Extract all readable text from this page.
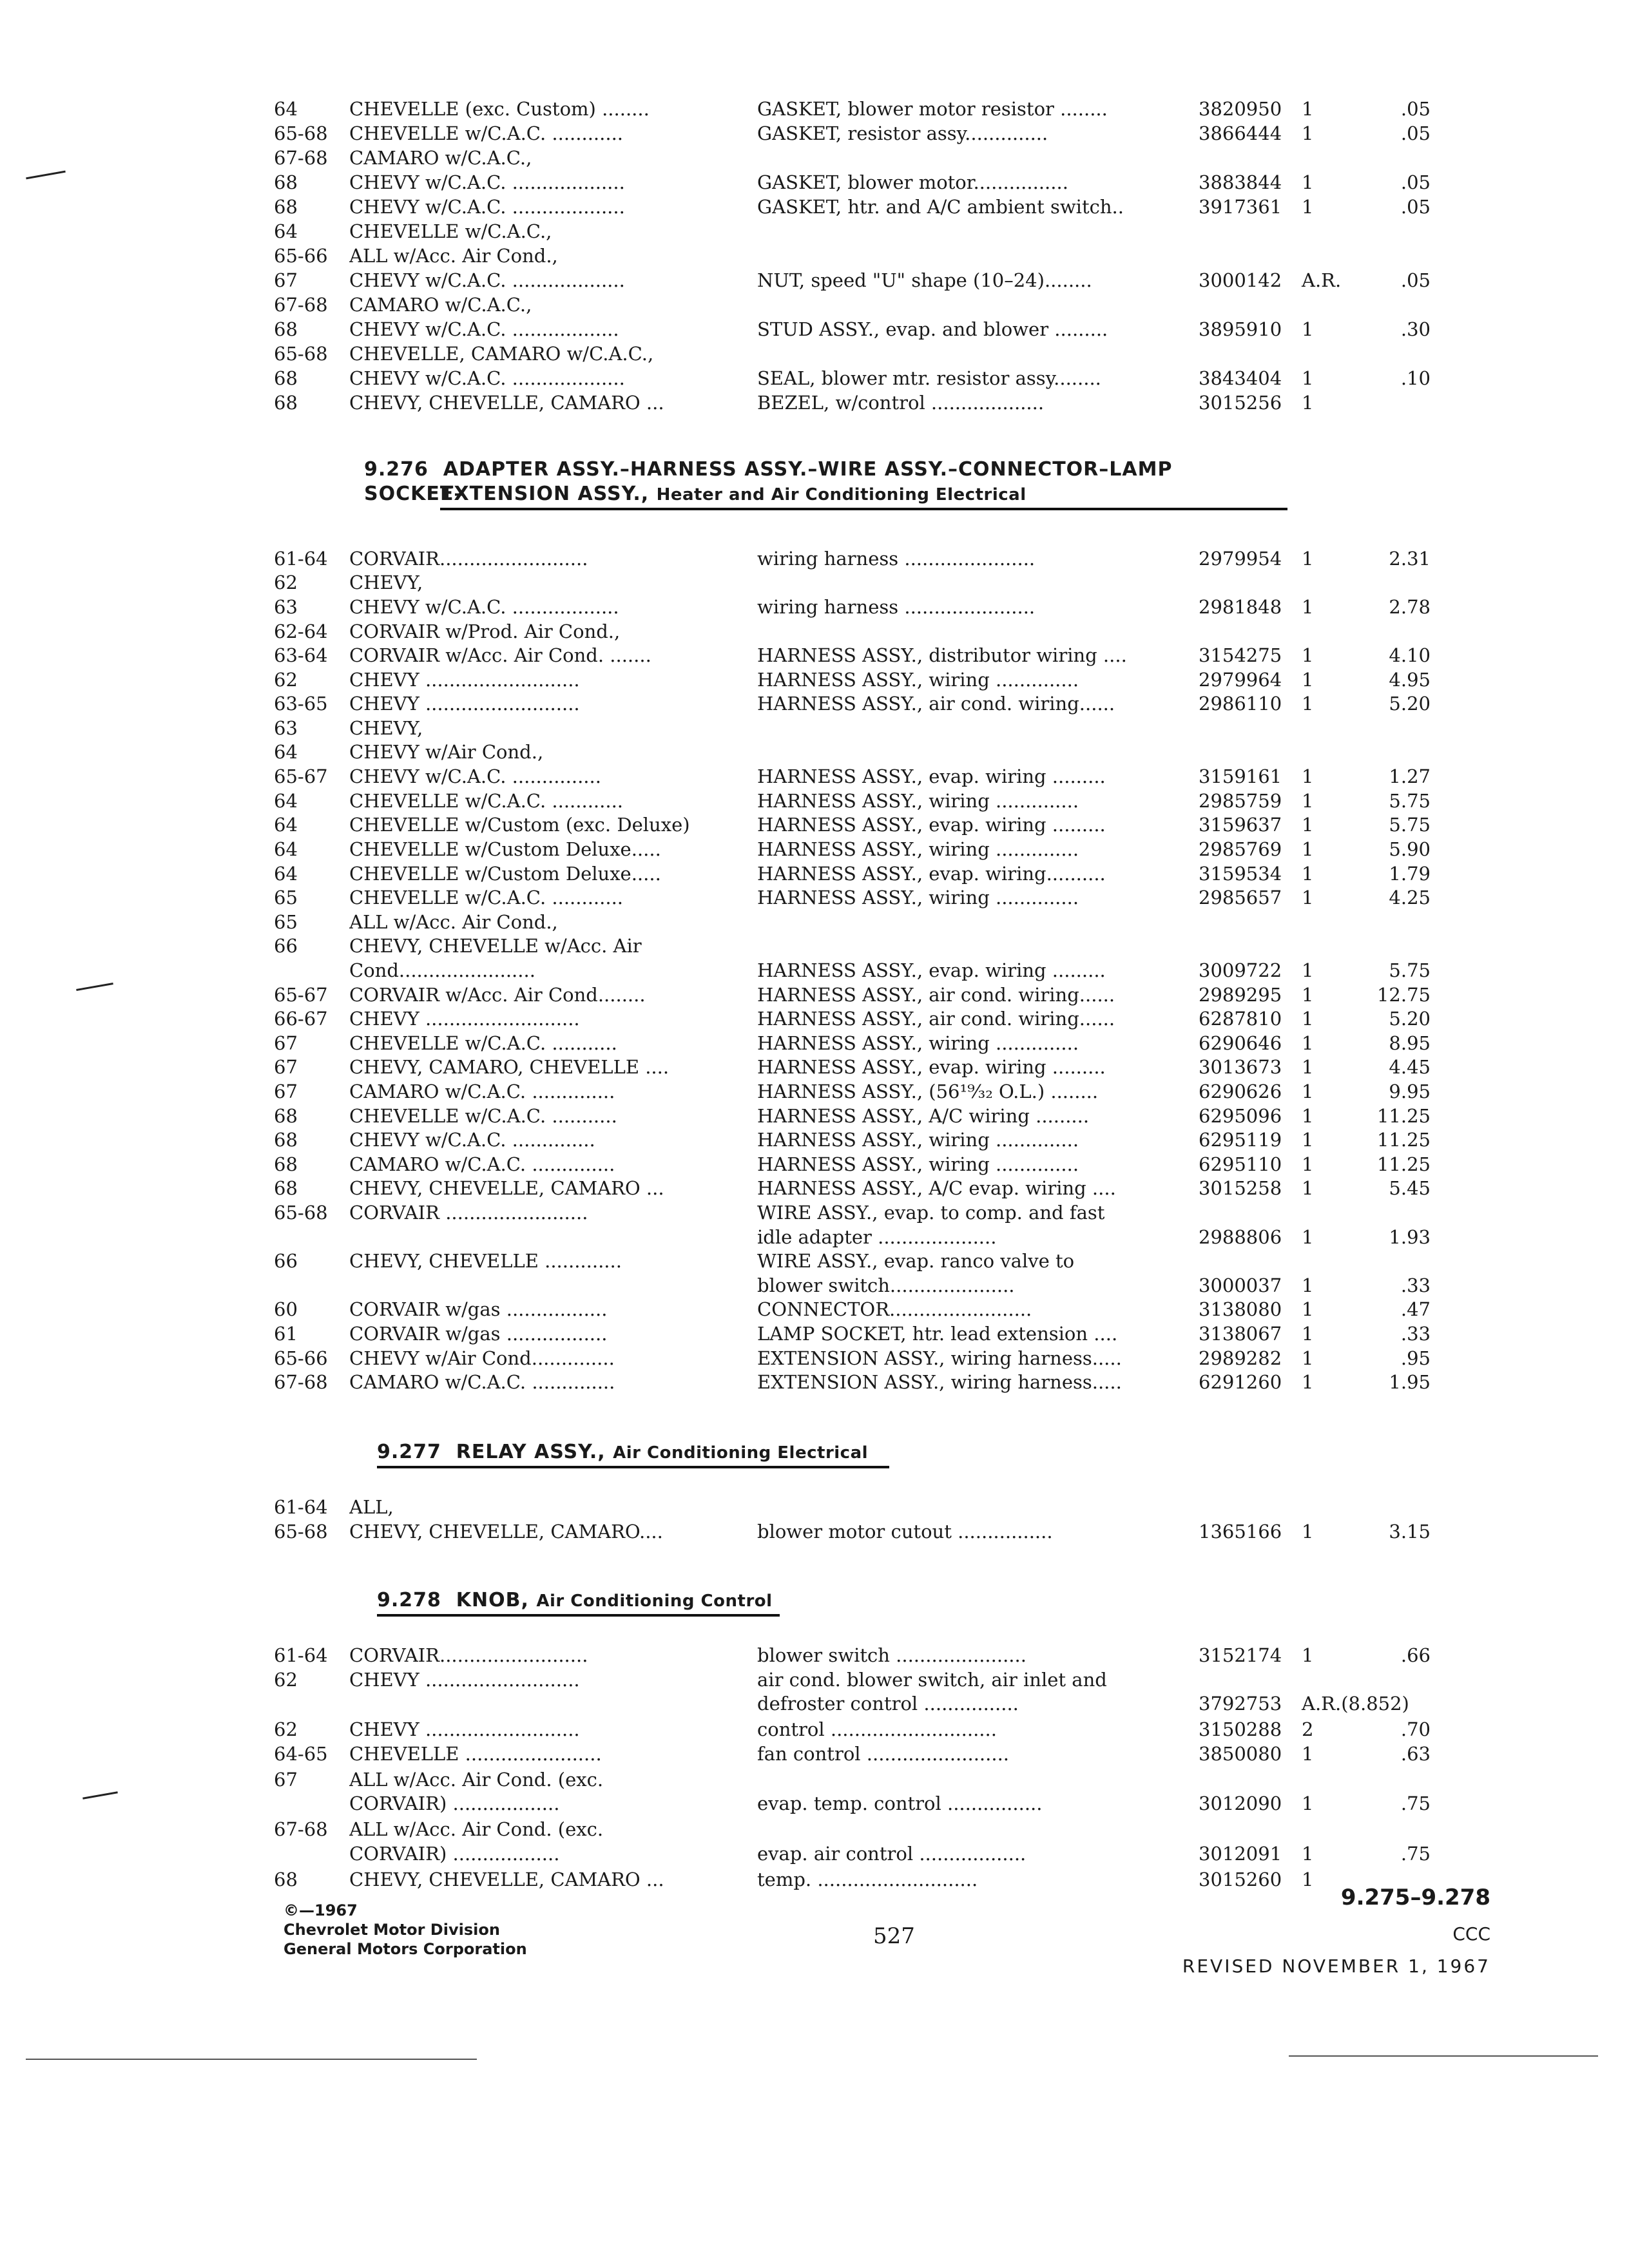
64	CHEVELLE (exc. Custom) ........	GASKET, blower motor resistor ........	3820950 1	.05
65-68 CHEVELLE w/C.A.C. ............	GASKET, resistor assy..............	3866444 1	.05
67-68 CAMARO w/C.A.C.,
68	CHEVY w/C.A.C. ...................	GASKET, blower motor................	3883844 1	.05
68	CHEVY w/C.A.C. ...................	GASKET, htr. and A/C ambient switch..	3917361 1	.05
64	CHEVELLE w/C.A.C.,
65-66 ALL w/Acc. Air Cond.,
67	CHEVY w/C.A.C. ...................	NUT, speed "U" shape (10–24)........	3000142 A.R.	.05
67-68 CAMARO w/C.A.C.,
68	CHEVY w/C.A.C. ..................	STUD ASSY., evap. and blower .........	3895910 1	.30
65-68 CHEVELLE, CAMARO w/C.A.C.,
68	CHEVY w/C.A.C. ...................	SEAL, blower mtr. resistor assy........	3843404 1	.10
68	CHEVY, CHEVELLE, CAMARO ...	BEZEL, w/control ...................	3015256 1
9.276 ADAPTER ASSY.–HARNESS ASSY.–WIRE ASSY.–CONNECTOR–LAMP SOCKET–
EXTENSION ASSY., Heater and Air Conditioning Electrical
61-64 CORVAIR.........................	wiring harness ......................	2979954 1	2.31
62	CHEVY,
63	CHEVY w/C.A.C. ..................	wiring harness ......................	2981848 1	2.78
62-64 CORVAIR w/Prod. Air Cond.,
63-64 CORVAIR w/Acc. Air Cond. .......	HARNESS ASSY., distributor wiring ....	3154275 1	4.10
62	CHEVY ..........................	HARNESS ASSY., wiring ..............	2979964 1	4.95
63-65 CHEVY ..........................	HARNESS ASSY., air cond. wiring......	2986110 1	5.20
63	CHEVY,
64	CHEVY w/Air Cond.,
65-67 CHEVY w/C.A.C. ...............	HARNESS ASSY., evap. wiring .........	3159161 1	1.27
64	CHEVELLE w/C.A.C. ............	HARNESS ASSY., wiring ..............	2985759 1	5.75
64	CHEVELLE w/Custom (exc. Deluxe)	HARNESS ASSY., evap. wiring .........	3159637 1	5.75
64	CHEVELLE w/Custom Deluxe.....	HARNESS ASSY., wiring ..............	2985769 1	5.90
64	CHEVELLE w/Custom Deluxe.....	HARNESS ASSY., evap. wiring..........	3159534 1	1.79
65	CHEVELLE w/C.A.C. ............	HARNESS ASSY., wiring ..............	2985657 1	4.25
65	ALL w/Acc. Air Cond.,
66	CHEVY, CHEVELLE w/Acc. Air
Cond.......................	HARNESS ASSY., evap. wiring .........	3009722 1	5.75
65-67 CORVAIR w/Acc. Air Cond........	HARNESS ASSY., air cond. wiring......	2989295 1	12.75
66-67 CHEVY ..........................	HARNESS ASSY., air cond. wiring......	6287810 1	5.20
67	CHEVELLE w/C.A.C. ...........	HARNESS ASSY., wiring ..............	6290646 1	8.95
67	CHEVY, CAMARO, CHEVELLE ....	HARNESS ASSY., evap. wiring .........	3013673 1	4.45
67	CAMARO w/C.A.C. ..............	HARNESS ASSY., (56¹⁹⁄₃₂ O.L.) ........	6290626 1	9.95
68	CHEVELLE w/C.A.C. ...........	HARNESS ASSY., A/C wiring .........	6295096 1	11.25
68	CHEVY w/C.A.C. ..............	HARNESS ASSY., wiring ..............	6295119 1	11.25
68	CAMARO w/C.A.C. ..............	HARNESS ASSY., wiring ..............	6295110 1	11.25
68	CHEVY, CHEVELLE, CAMARO ...	HARNESS ASSY., A/C evap. wiring ....	3015258 1	5.45
65-68 CORVAIR ........................	WIRE ASSY., evap. to comp. and fast
idle adapter ....................	2988806 1	1.93
66	CHEVY, CHEVELLE .............	WIRE ASSY., evap. ranco valve to
blower switch.....................	3000037 1	.33
60	CORVAIR w/gas .................	CONNECTOR........................	3138080 1	.47
61	CORVAIR w/gas .................	LAMP SOCKET, htr. lead extension ....	3138067 1	.33
65-66 CHEVY w/Air Cond..............	EXTENSION ASSY., wiring harness.....	2989282 1	.95
67-68 CAMARO w/C.A.C. ..............	EXTENSION ASSY., wiring harness.....	6291260 1	1.95
9.277 RELAY ASSY., Air Conditioning Electrical
61-64 ALL,
65-68 CHEVY, CHEVELLE, CAMARO....	blower motor cutout ................	1365166 1	3.15
9.278 KNOB, Air Conditioning Control
61-64 CORVAIR.........................	blower switch ......................	3152174 1	.66
62	CHEVY ..........................	air cond. blower switch, air inlet and
defroster control ................	3792753 A.R.(8.852)
62	CHEVY ..........................	control ............................	3150288 2	.70
64-65 CHEVELLE .......................	fan control ........................	3850080 1	.63
67	ALL w/Acc. Air Cond. (exc.
CORVAIR) ..................	evap. temp. control ................	3012090 1	.75
67-68 ALL w/Acc. Air Cond. (exc.
CORVAIR) ..................	evap. air control ..................	3012091 1	.75
68	CHEVY, CHEVELLE, CAMARO ...	temp. ...........................	3015260 1
©—1967
Chevrolet Motor Division
General Motors Corporation	527
9.275–9.278
CCC
REVISED NOVEMBER 1, 1967
